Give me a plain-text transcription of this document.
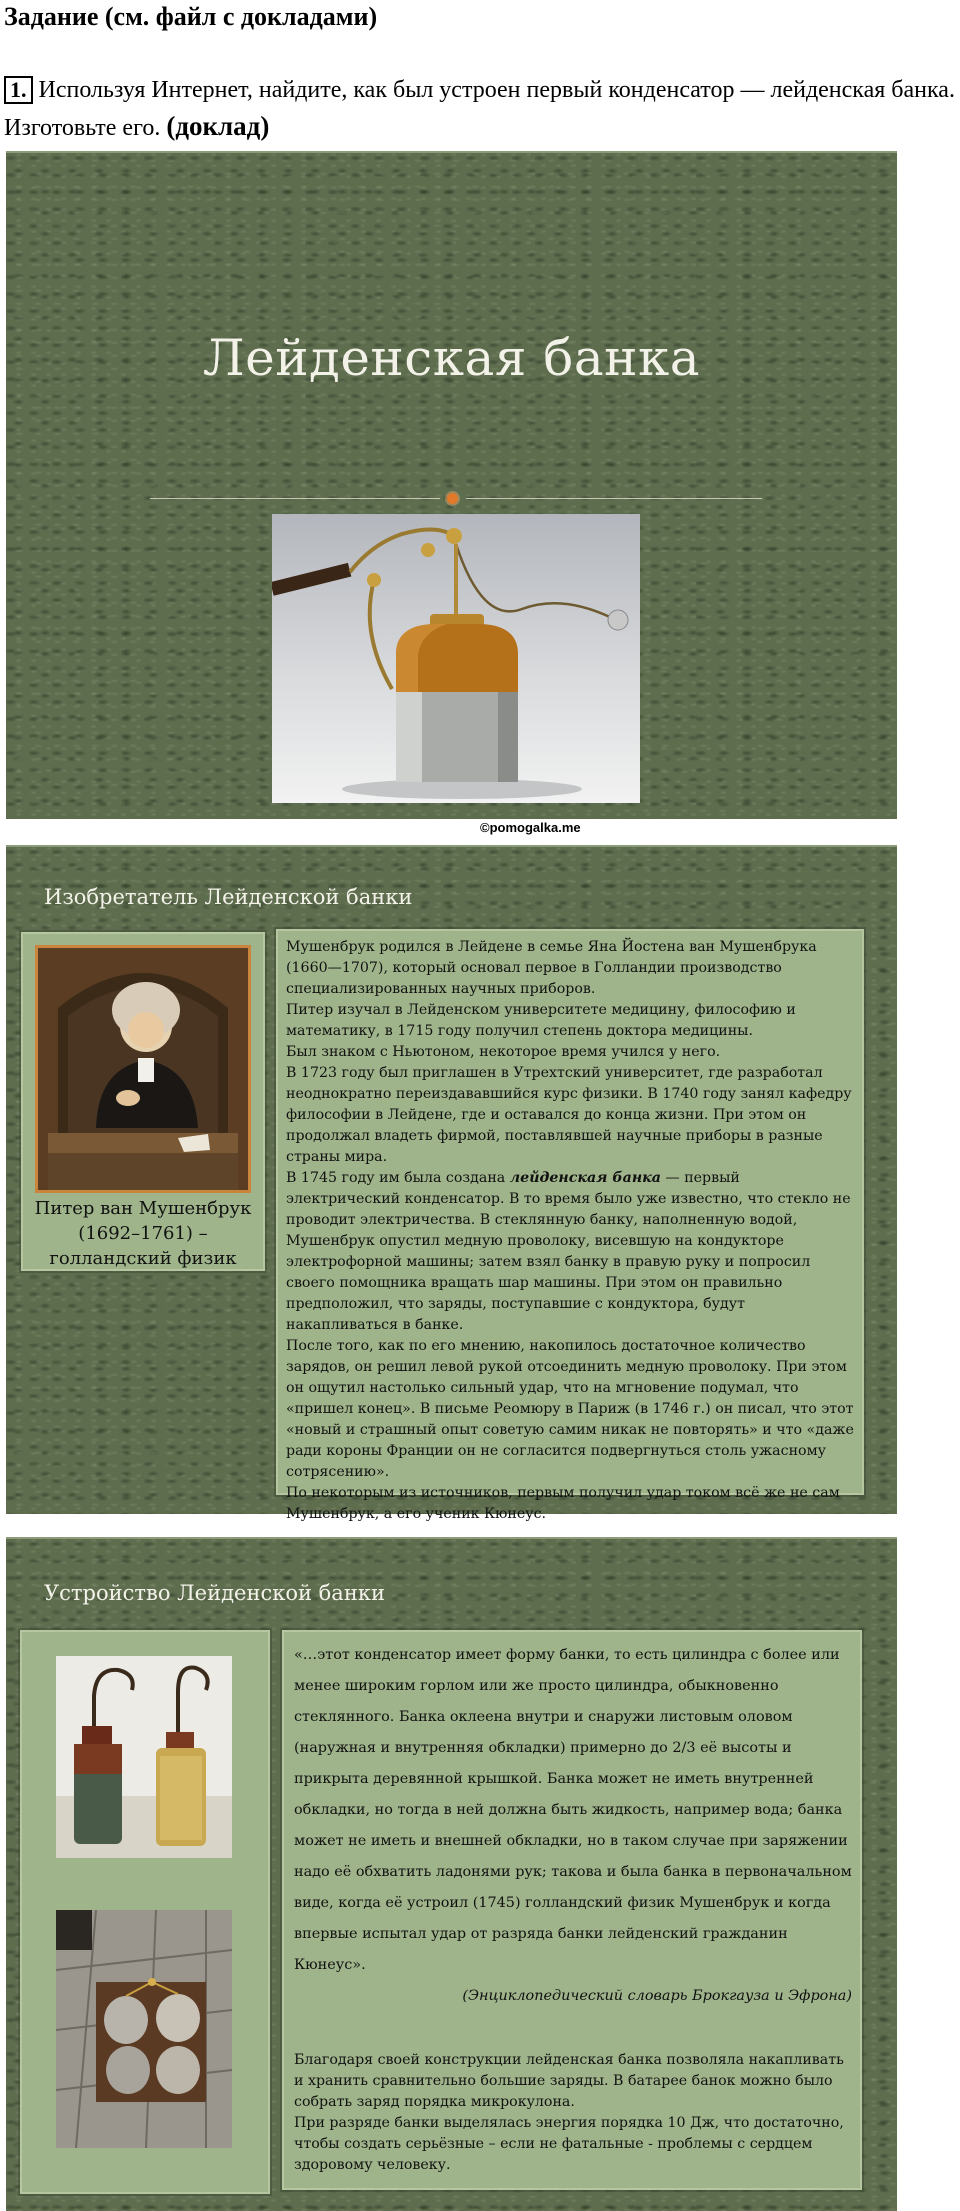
Задание (см. файл с докладами)
1. Используя Интернет, найдите, как был устроен первый конденсатор — лейденская банка. Изготовьте его. (доклад)
Лейденская банка
©pomogalka.me
Изобретатель Лейденской банки
Питер ван Мушенбрук (1692–1761) – голландский физик

Мушенбрук родился в Лейдене в семье Яна Йостена ван Мушенбрука (1660—1707), который основал первое в Голландии производство специализированных научных приборов.

Питер изучал в Лейденском университете медицину, философию и математику, в 1715 году получил степень доктора медицины.

Был знаком с Ньютоном, некоторое время учился у него.

В 1723 году был приглашен в Утрехтский университет, где разработал неоднократно переиздававшийся курс физики. В 1740 году занял кафедру философии в Лейдене, где и оставался до конца жизни. При этом он продолжал владеть фирмой, поставлявшей научные приборы в разные страны мира.

В 1745 году им была создана лейденская банка — первый электрический конденсатор. В то время было уже известно, что стекло не проводит электричества. В стеклянную банку, наполненную водой, Мушенбрук опустил медную проволоку, висевшую на кондукторе электрофорной машины; затем взял банку в правую руку и попросил своего помощника вращать шар машины. При этом он правильно предположил, что заряды, поступавшие с кондуктора, будут накапливаться в банке.

После того, как по его мнению, накопилось достаточное количество зарядов, он решил левой рукой отсоединить медную проволоку. При этом он ощутил настолько сильный удар, что на мгновение подумал, что «пришел конец». В письме Реомюру в Париж (в 1746 г.) он писал, что этот «новый и страшный опыт советую самим никак не повторять» и что «даже ради короны Франции он не согласится подвергнуться столь ужасному сотрясению».

По некоторым из источников, первым получил удар током всё же не сам Мушенбрук, а его ученик Кюнеус.

Устройство Лейденской банки
«…этот конденсатор имеет форму банки, то есть цилиндра с более или менее широким горлом или же просто цилиндра, обыкновенно стеклянного. Банка оклеена внутри и снаружи листовым оловом (наружная и внутренняя обкладки) примерно до 2/3 её высоты и прикрыта деревянной крышкой. Банка может не иметь внутренней обкладки, но тогда в ней должна быть жидкость, например вода; банка может не иметь и внешней обкладки, но в таком случае при заряжении надо её обхватить ладонями рук; такова и была банка в первоначальном виде, когда её устроил (1745) голландский физик Мушенбрук и когда впервые испытал удар от разряда банки лейденский гражданин Кюнеус».
(Энциклопедический словарь Брокгауза и Эфрона)

Благодаря своей конструкции лейденская банка позволяла накапливать и хранить сравнительно большие заряды. В батарее банок можно было собрать заряд порядка микрокулона.

При разряде банки выделялась энергия порядка 10 Дж, что достаточно, чтобы создать серьёзные – если не фатальные - проблемы с сердцем здоровому человеку.
